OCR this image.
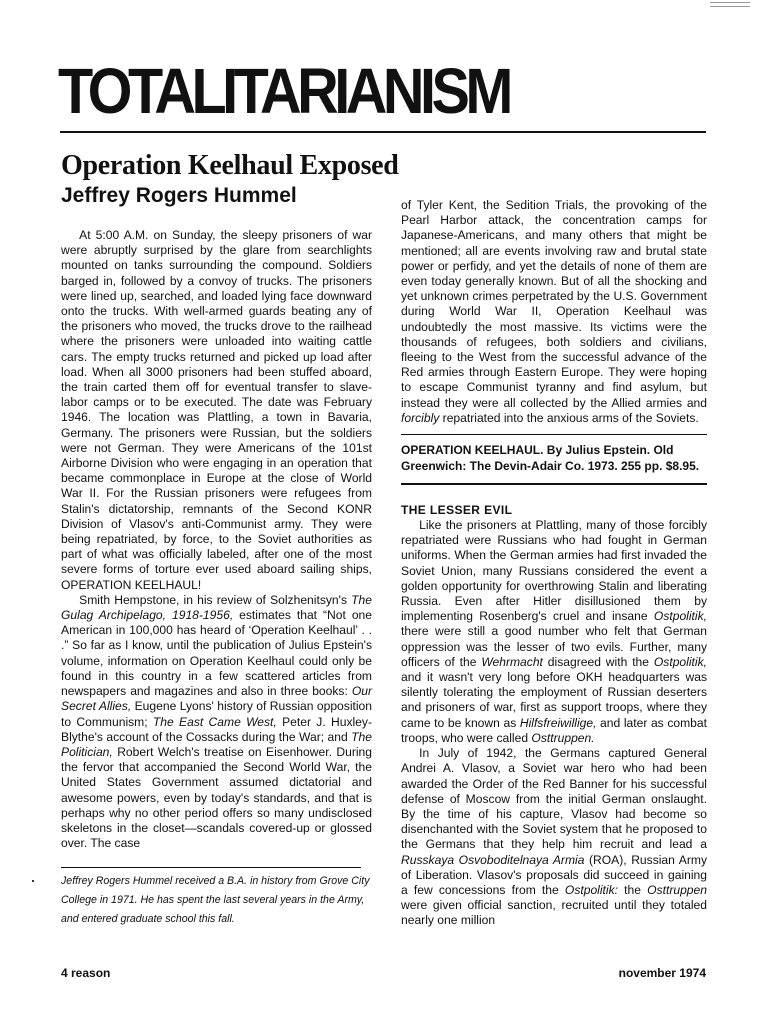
TOTALITARIANISM
Operation Keelhaul Exposed
Jeffrey Rogers Hummel

At 5:00 A.M. on Sunday, the sleepy prisoners of war were abruptly surprised by the glare from searchlights mounted on tanks surrounding the compound. Soldiers barged in, followed by a convoy of trucks. The prisoners were lined up, searched, and loaded lying face downward onto the trucks. With well-armed guards beating any of the prisoners who moved, the trucks drove to the railhead where the prisoners were unloaded into waiting cattle cars. The empty trucks returned and picked up load after load. When all 3000 prisoners had been stuffed aboard, the train carted them off for eventual transfer to slave-labor camps or to be executed. The date was February 1946. The location was Plattling, a town in Bavaria, Germany. The prisoners were Russian, but the soldiers were not German. They were Americans of the 101st Airborne Division who were engaging in an operation that became commonplace in Europe at the close of World War II. For the Russian prisoners were refugees from Stalin's dictatorship, remnants of the Second KONR Division of Vlasov's anti-Communist army. They were being repatriated, by force, to the Soviet authorities as part of what was officially labeled, after one of the most severe forms of torture ever used aboard sailing ships, OPERATION KEELHAUL!

Smith Hempstone, in his review of Solzhenitsyn's The Gulag Archipelago, 1918-1956, estimates that “Not one American in 100,000 has heard of ‘Operation Keelhaul’ . . .” So far as I know, until the publication of Julius Epstein's volume, information on Operation Keelhaul could only be found in this country in a few scattered articles from newspapers and magazines and also in three books: Our Secret Allies, Eugene Lyons' history of Russian opposition to Communism; The East Came West, Peter J. Huxley-Blythe's account of the Cossacks during the War; and The Politician, Robert Welch's treatise on Eisenhower. During the fervor that accompanied the Second World War, the United States Government assumed dictatorial and awesome powers, even by today's standards, and that is perhaps why no other period offers so many undisclosed skeletons in the closet—scandals covered-up or glossed over. The case

Jeffrey Rogers Hummel received a B.A. in history from Grove City College in 1971. He has spent the last several years in the Army, and entered graduate school this fall.

of Tyler Kent, the Sedition Trials, the provoking of the Pearl Harbor attack, the concentration camps for Japanese-Americans, and many others that might be mentioned; all are events involving raw and brutal state power or perfidy, and yet the details of none of them are even today generally known. But of all the shocking and yet unknown crimes perpetrated by the U.S. Government during World War II, Operation Keelhaul was undoubtedly the most massive. Its victims were the thousands of refugees, both soldiers and civilians, fleeing to the West from the successful advance of the Red armies through Eastern Europe. They were hoping to escape Communist tyranny and find asylum, but instead they were all collected by the Allied armies and forcibly repatriated into the anxious arms of the Soviets.

OPERATION KEELHAUL. By Julius Epstein. Old Greenwich: The Devin-Adair Co. 1973. 255 pp. $8.95.

THE LESSER EVIL

Like the prisoners at Plattling, many of those forcibly repatriated were Russians who had fought in German uniforms. When the German armies had first invaded the Soviet Union, many Russians considered the event a golden opportunity for overthrowing Stalin and liberating Russia. Even after Hitler disillusioned them by implementing Rosenberg's cruel and insane Ostpolitik, there were still a good number who felt that German oppression was the lesser of two evils. Further, many officers of the Wehrmacht disagreed with the Ostpolitik, and it wasn't very long before OKH headquarters was silently tolerating the employment of Russian deserters and prisoners of war, first as support troops, where they came to be known as Hilfsfreiwillige, and later as combat troops, who were called Osttruppen.

In July of 1942, the Germans captured General Andrei A. Vlasov, a Soviet war hero who had been awarded the Order of the Red Banner for his successful defense of Moscow from the initial German onslaught. By the time of his capture, Vlasov had become so disenchanted with the Soviet system that he proposed to the Germans that they help him recruit and lead a Russkaya Osvoboditelnaya Armia (ROA), Russian Army of Liberation. Vlasov's proposals did succeed in gaining a few concessions from the Ostpolitik: the Osttruppen were given official sanction, recruited until they totaled nearly one million

4 reason	november 1974
